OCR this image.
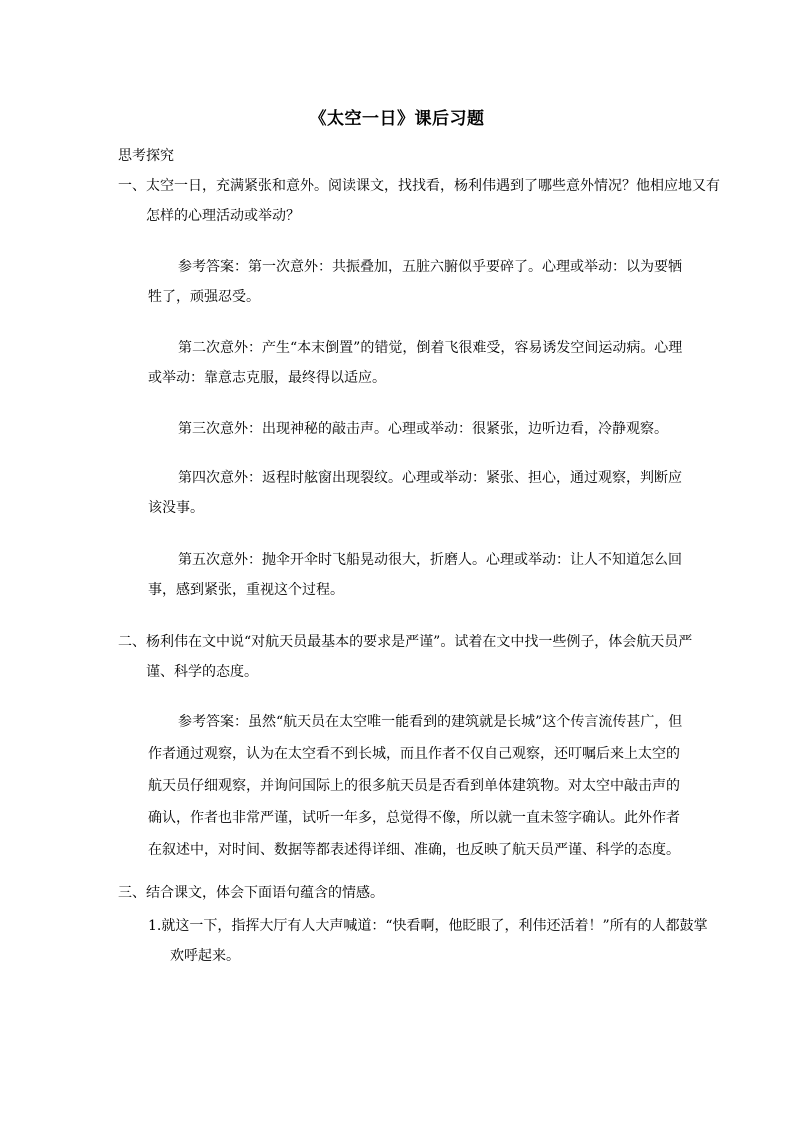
《太空一日》课后习题

思考探究

一、太空一日，充满紧张和意外。阅读课文，找找看，杨利伟遇到了哪些意外情况？他相应地又有怎样的心理活动或举动？

参考答案：第一次意外：共振叠加，五脏六腑似乎要碎了。心理或举动：以为要牺牲了，顽强忍受。

第二次意外：产生“本末倒置”的错觉，倒着飞很难受，容易诱发空间运动病。心理或举动：靠意志克服，最终得以适应。

第三次意外：出现神秘的敲击声。心理或举动：很紧张，边听边看，冷静观察。

第四次意外：返程时舷窗出现裂纹。心理或举动：紧张、担心，通过观察，判断应该没事。

第五次意外：抛伞开伞时飞船晃动很大，折磨人。心理或举动：让人不知道怎么回事，感到紧张，重视这个过程。

二、杨利伟在文中说“对航天员最基本的要求是严谨”。试着在文中找一些例子，体会航天员严谨、科学的态度。

参考答案：虽然“航天员在太空唯一能看到的建筑就是长城”这个传言流传甚广，但作者通过观察，认为在太空看不到长城，而且作者不仅自己观察，还叮嘱后来上太空的航天员仔细观察，并询问国际上的很多航天员是否看到单体建筑物。对太空中敲击声的确认，作者也非常严谨，试听一年多，总觉得不像，所以就一直未签字确认。此外作者在叙述中，对时间、数据等都表述得详细、准确，也反映了航天员严谨、科学的态度。

三、结合课文，体会下面语句蕴含的情感。

1.就这一下，指挥大厅有人大声喊道：“快看啊，他眨眼了，利伟还活着！”所有的人都鼓掌欢呼起来。
